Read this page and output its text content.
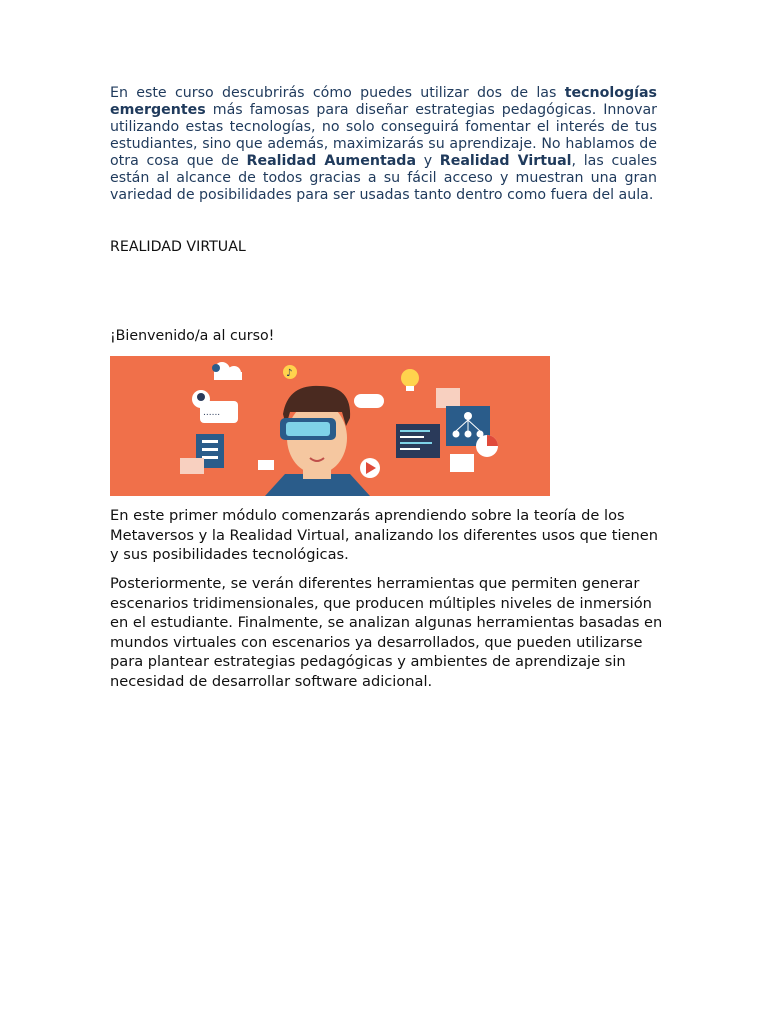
En este curso descubrirás cómo puedes utilizar dos de las tecnologías emergentes más famosas para diseñar estrategias pedagógicas. Innovar utilizando estas tecnologías, no solo conseguirá fomentar el interés de tus estudiantes, sino que además, maximizarás su aprendizaje. No hablamos de otra cosa que de Realidad Aumentada y Realidad Virtual, las cuales están al alcance de todos gracias a su fácil acceso y muestran una gran variedad de posibilidades para ser usadas tanto dentro como fuera del aula.
REALIDAD VIRTUAL
¡Bienvenido/a al curso!
......
♪
En este primer módulo comenzarás aprendiendo sobre la teoría de los Metaversos y la Realidad Virtual, analizando los diferentes usos que tienen y sus posibilidades tecnológicas.
Posteriormente, se verán diferentes herramientas que permiten generar escenarios tridimensionales, que producen múltiples niveles de inmersión en el estudiante. Finalmente, se analizan algunas herramientas basadas en mundos virtuales con escenarios ya desarrollados, que pueden utilizarse para plantear estrategias pedagógicas y ambientes de aprendizaje sin necesidad de desarrollar software adicional.
